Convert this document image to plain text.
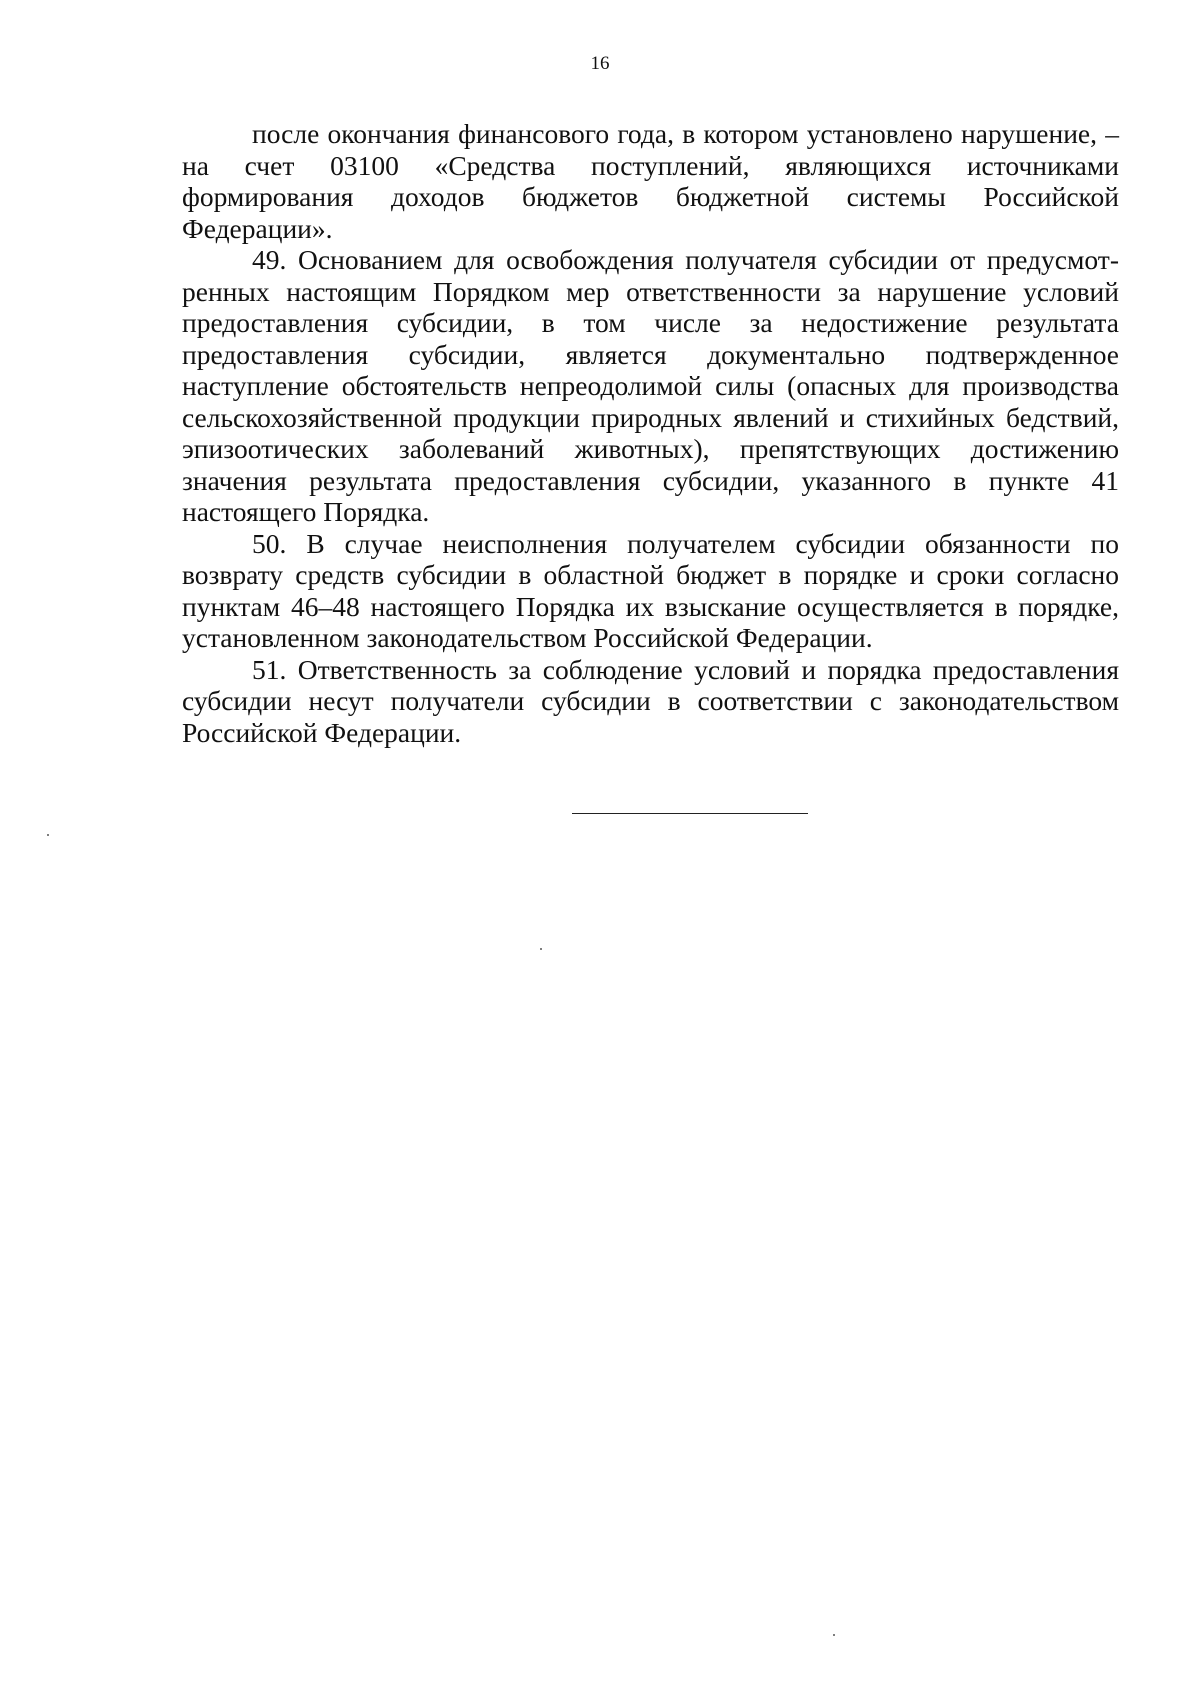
16

после окончания финансового года, в котором установлено нарушение, – на счет 03100 «Средства поступлений, являющихся источниками формирования доходов бюджетов бюджетной системы Российской Федерации».

49. Основанием для освобождения получателя субсидии от предусмотренных настоящим Порядком мер ответственности за нарушение условий предоставления субсидии, в том числе за недостижение результата предоставления субсидии, является документально подтвержденное наступление обстоятельств непреодолимой силы (опасных для производства сельскохозяйственной продукции природных явлений и стихийных бедствий, эпизоотических заболеваний животных), препятствующих достижению значения результата предоставления субсидии, указанного в пункте 41 настоящего Порядка.

50. В случае неисполнения получателем субсидии обязанности по возврату средств субсидии в областной бюджет в порядке и сроки согласно пунктам 46–48 настоящего Порядка их взыскание осуществляется в порядке, установленном законодательством Российской Федерации.

51. Ответственность за соблюдение условий и порядка предоставления субсидии несут получатели субсидии в соответствии с законодательством Российской Федерации.
